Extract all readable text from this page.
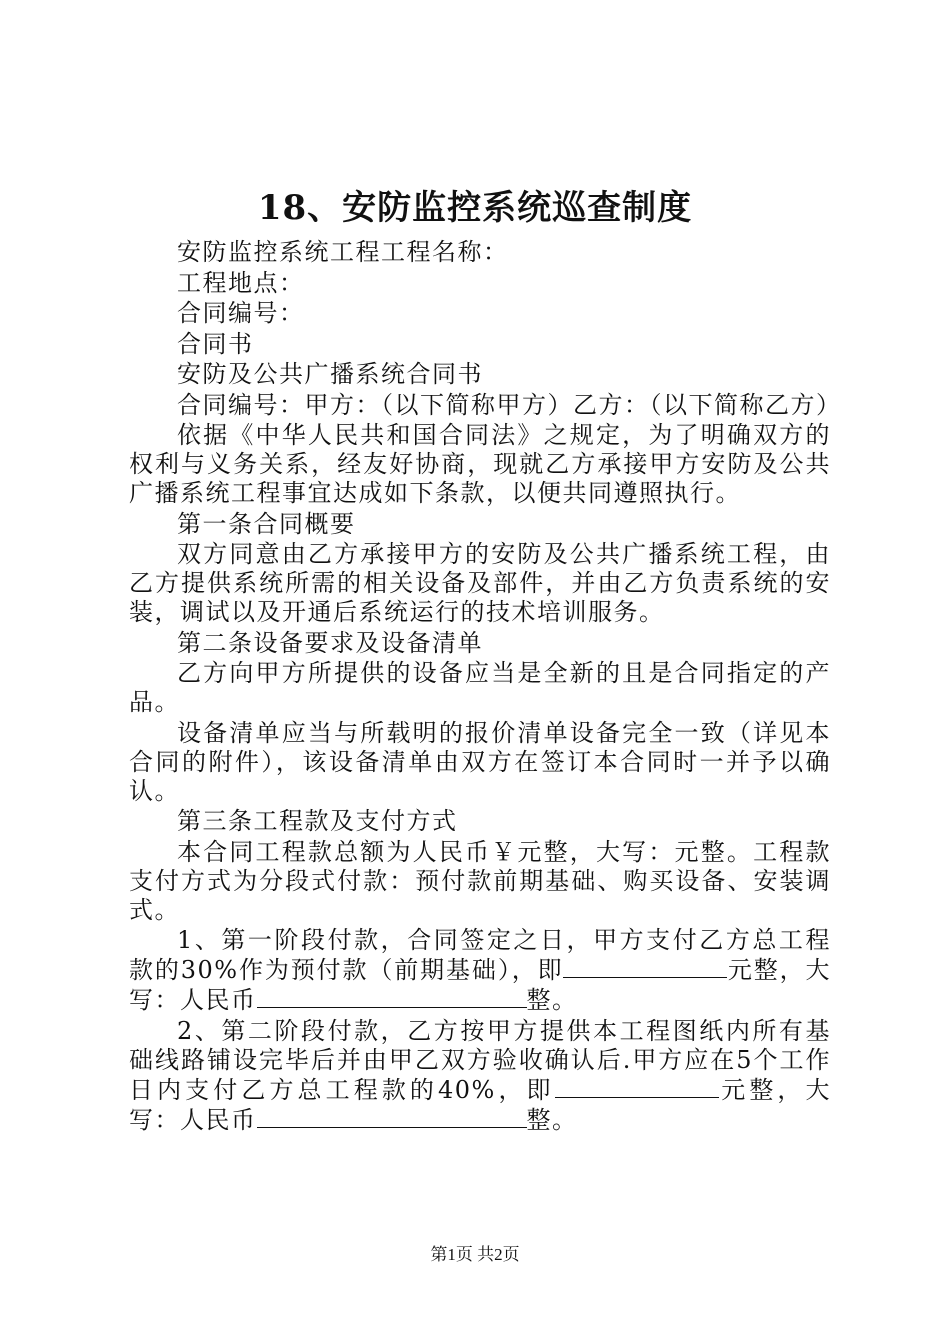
18、安防监控系统巡查制度

安防监控系统工程工程名称：

工程地点：

合同编号：

合同书

安防及公共广播系统合同书

合同编号：甲方：（以下简称甲方）乙方：（以下简称乙方）

依据《中华人民共和国合同法》之规定，为了明确双方的权利与义务关系，经友好协商，现就乙方承接甲方安防及公共广播系统工程事宜达成如下条款，以便共同遵照执行。

第一条合同概要

双方同意由乙方承接甲方的安防及公共广播系统工程，由乙方提供系统所需的相关设备及部件，并由乙方负责系统的安装，调试以及开通后系统运行的技术培训服务。

第二条设备要求及设备清单

乙方向甲方所提供的设备应当是全新的且是合同指定的产品。

设备清单应当与所载明的报价清单设备完全一致（详见本合同的附件），该设备清单由双方在签订本合同时一并予以确认。

第三条工程款及支付方式

本合同工程款总额为人民币￥元整，大写：元整。工程款支付方式为分段式付款：预付款前期基础、购买设备、安装调式。

1、第一阶段付款，合同签定之日，甲方支付乙方总工程款的30%作为预付款（前期基础），即	元整，大写：人民币	整。

2、第二阶段付款，乙方按甲方提供本工程图纸内所有基础线路铺设完毕后并由甲乙双方验收确认后.甲方应在5个工作日内支付乙方总工程款的40%，即	元整，大写：人民币	整。

第1页 共2页
